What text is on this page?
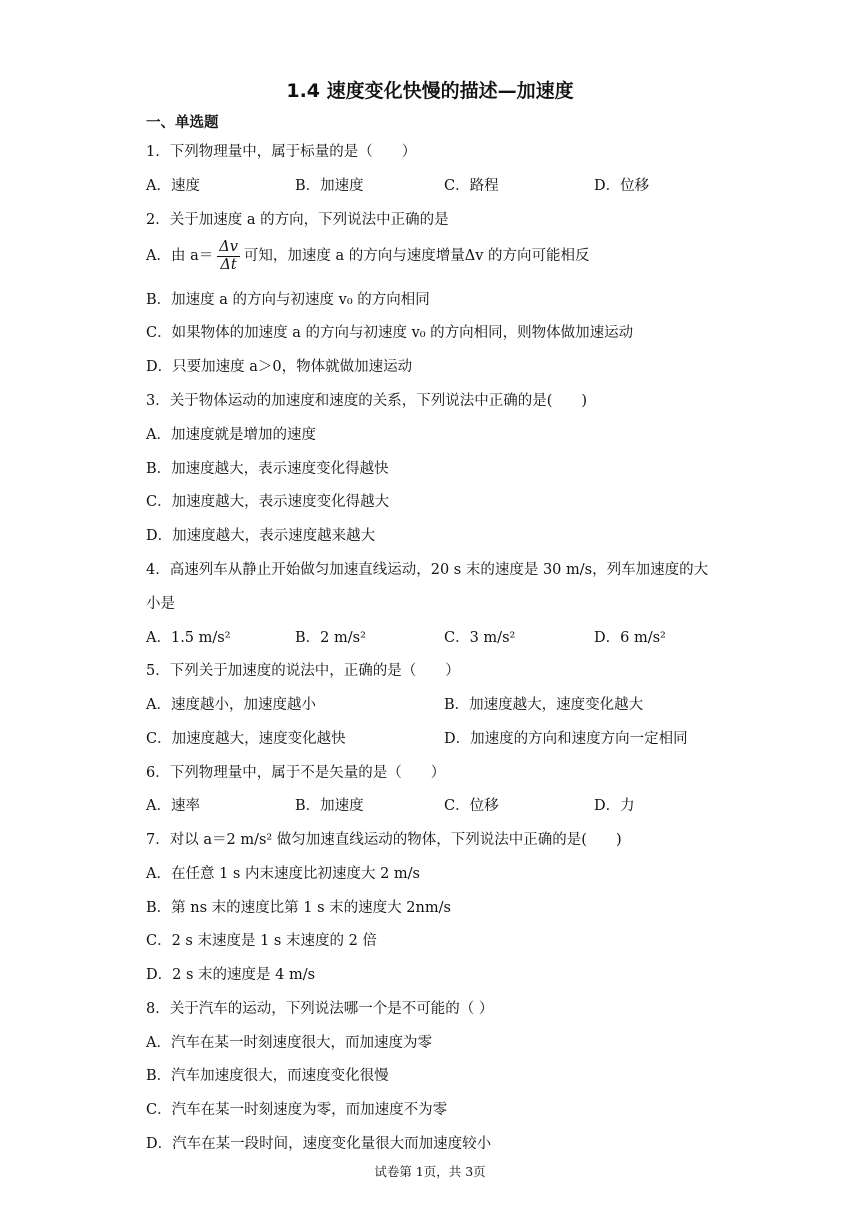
1.4 速度变化快慢的描述—加速度
一、单选题
1．下列物理量中，属于标量的是（　　）
A．速度	B．加速度	C．路程	D．位移
2．关于加速度 a 的方向，下列说法中正确的是
A．由 $a= \frac{\Delta v}{\Delta t}$ 可知，加速度 a 的方向与速度增量Δv 的方向可能相反
B．加速度 a 的方向与初速度 v₀ 的方向相同
C．如果物体的加速度 a 的方向与初速度 v₀ 的方向相同，则物体做加速运动
D．只要加速度 a＞0，物体就做加速运动
3．关于物体运动的加速度和速度的关系，下列说法中正确的是(　　)
A．加速度就是增加的速度
B．加速度越大，表示速度变化得越快
C．加速度越大，表示速度变化得越大
D．加速度越大，表示速度越来越大
4．高速列车从静止开始做匀加速直线运动，20 s 末的速度是 30 m/s，列车加速度的大
小是
A．1.5 m/s²	B．2 m/s²	C．3 m/s²	D．6 m/s²
5．下列关于加速度的说法中，正确的是（　　）
A．速度越小，加速度越小	B．加速度越大，速度变化越大
C．加速度越大，速度变化越快	D．加速度的方向和速度方向一定相同
6．下列物理量中，属于不是矢量的是（　　）
A．速率	B．加速度	C．位移	D．力
7．对以 a＝2 m/s² 做匀加速直线运动的物体，下列说法中正确的是(　　)
A．在任意 1 s 内末速度比初速度大 2 m/s
B．第 ns 末的速度比第 1 s 末的速度大 2nm/s
C．2 s 末速度是 1 s 末速度的 2 倍
D．2 s 末的速度是 4 m/s
8．关于汽车的运动，下列说法哪一个是不可能的（ ）
A．汽车在某一时刻速度很大，而加速度为零
B．汽车加速度很大，而速度变化很慢
C．汽车在某一时刻速度为零，而加速度不为零
D．汽车在某一段时间，速度变化量很大而加速度较小
试卷第 1页，共 3页
